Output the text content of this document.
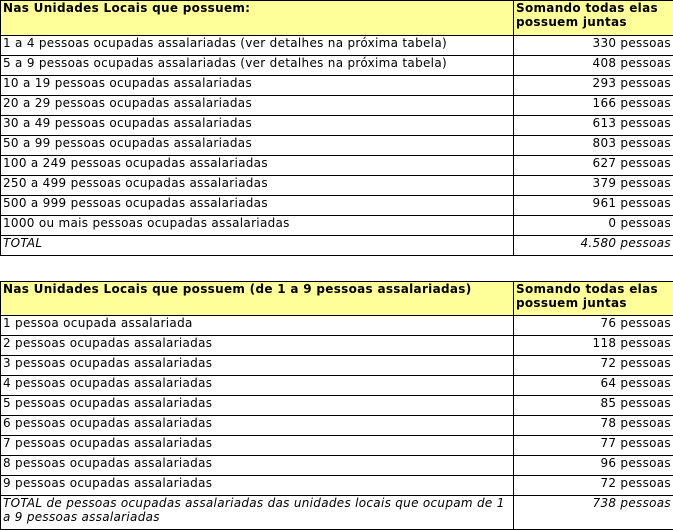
Nas Unidades Locais que possuem:	Somando todas elas possuem juntas
1 a 4 pessoas ocupadas assalariadas (ver detalhes na próxima tabela)	330 pessoas
5 a 9 pessoas ocupadas assalariadas (ver detalhes na próxima tabela)	408 pessoas
10 a 19 pessoas ocupadas assalariadas	293 pessoas
20 a 29 pessoas ocupadas assalariadas	166 pessoas
30 a 49 pessoas ocupadas assalariadas	613 pessoas
50 a 99 pessoas ocupadas assalariadas	803 pessoas
100 a 249 pessoas ocupadas assalariadas	627 pessoas
250 a 499 pessoas ocupadas assalariadas	379 pessoas
500 a 999 pessoas ocupadas assalariadas	961 pessoas
1000 ou mais pessoas ocupadas assalariadas	0 pessoas
TOTAL	4.580 pessoas
Nas Unidades Locais que possuem (de 1 a 9 pessoas assalariadas)	Somando todas elas possuem juntas
1 pessoa ocupada assalariada	76 pessoas
2 pessoas ocupadas assalariadas	118 pessoas
3 pessoas ocupadas assalariadas	72 pessoas
4 pessoas ocupadas assalariadas	64 pessoas
5 pessoas ocupadas assalariadas	85 pessoas
6 pessoas ocupadas assalariadas	78 pessoas
7 pessoas ocupadas assalariadas	77 pessoas
8 pessoas ocupadas assalariadas	96 pessoas
9 pessoas ocupadas assalariadas	72 pessoas
TOTAL de pessoas ocupadas assalariadas das unidades locais que ocupam de 1 a 9 pessoas assalariadas	738 pessoas
